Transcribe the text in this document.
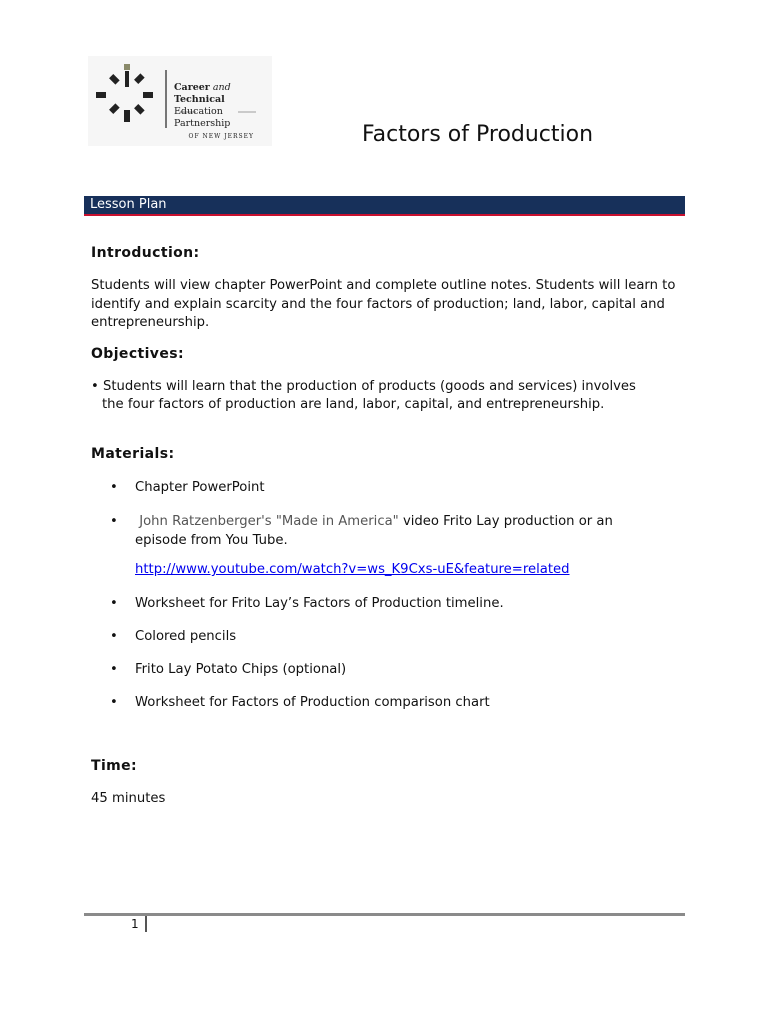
Career and Technical
Education Partnership
OF NEW JERSEY	Factors of Production
Lesson Plan
Introduction:
Students will view chapter PowerPoint and complete outline notes. Students will learn to identify and explain scarcity and the four factors of production; land, labor, capital and entrepreneurship.
Objectives:
• Students will learn that the production of products (goods and services) involves
the four factors of production are land, labor, capital, and entrepreneurship.
Materials:
• Chapter PowerPoint
•	John Ratzenberger's "Made in America" video Frito Lay production or an
episode from You Tube.
http://www.youtube.com/watch?v=ws_K9Cxs-uE&feature=related
• Worksheet for Frito Lay’s Factors of Production timeline.
• Colored pencils
• Frito Lay Potato Chips (optional)
• Worksheet for Factors of Production comparison chart
Time:
45 minutes
1
